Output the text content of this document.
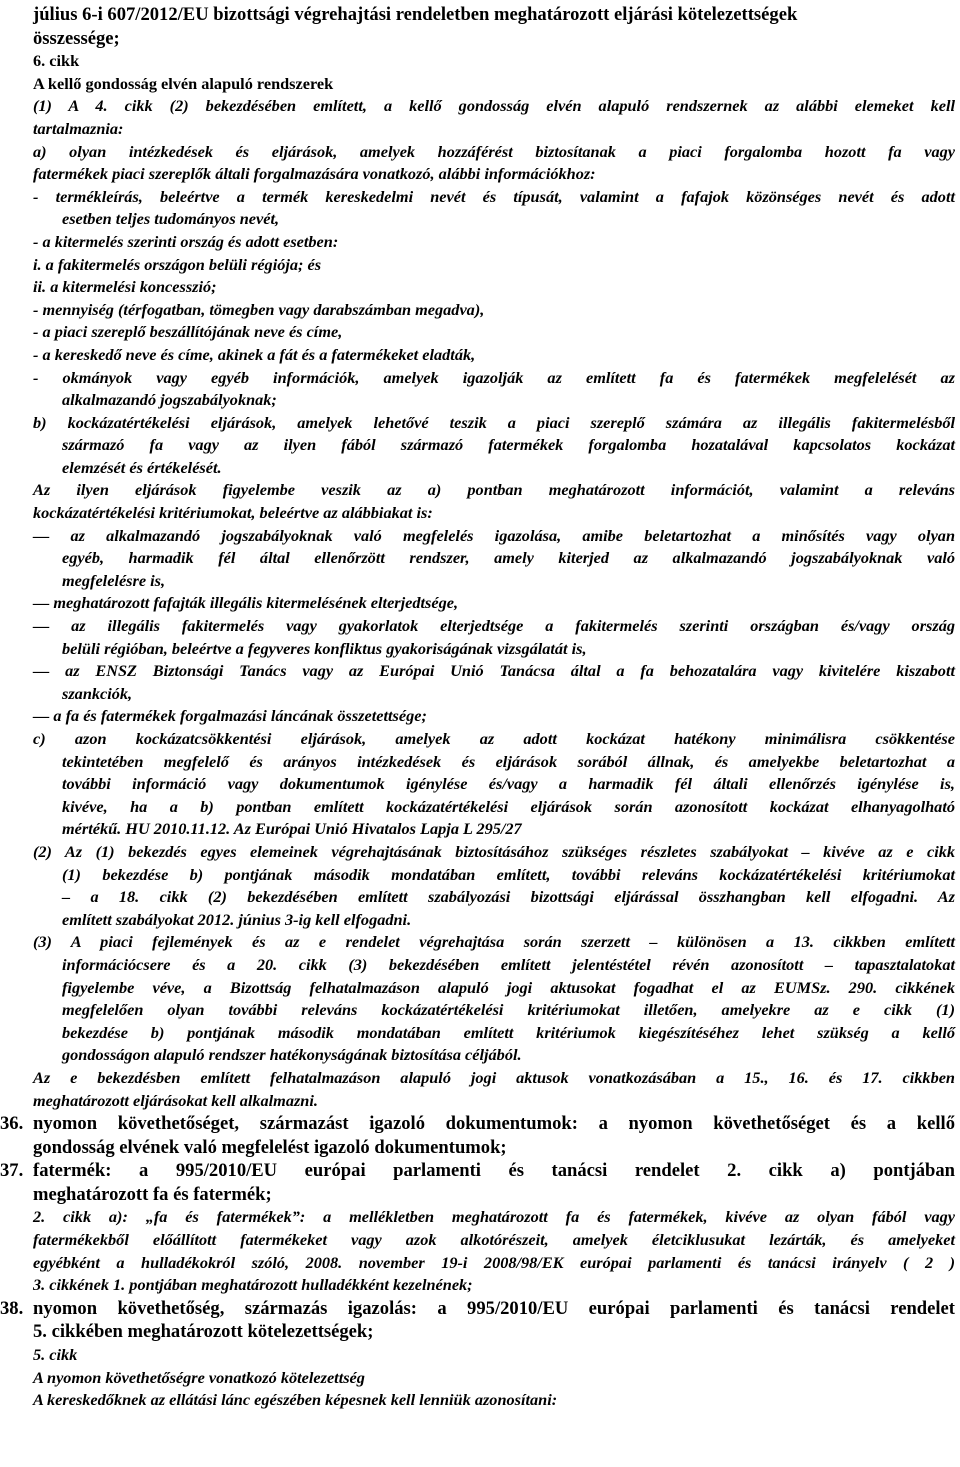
július 6-i 607/2012/EU bizottsági végrehajtási rendeletben meghatározott eljárási kötelezettségek
összessége;
6. cikk
A kellő gondosság elvén alapuló rendszerek
(1) A 4. cikk (2) bekezdésében említett, a kellő gondosság elvén alapuló rendszernek az alábbi elemeket kell
tartalmaznia:
a) olyan intézkedések és eljárások, amelyek hozzáférést biztosítanak a piaci forgalomba hozott fa vagy
fatermékek piaci szereplők általi forgalmazására vonatkozó, alábbi információkhoz:
- termékleírás, beleértve a termék kereskedelmi nevét és típusát, valamint a fafajok közönséges nevét és adott
esetben teljes tudományos nevét,
- a kitermelés szerinti ország és adott esetben:
i. a fakitermelés országon belüli régiója; és
ii. a kitermelési koncesszió;
- mennyiség (térfogatban, tömegben vagy darabszámban megadva),
- a piaci szereplő beszállítójának neve és címe,
- a kereskedő neve és címe, akinek a fát és a fatermékeket eladták,
- okmányok vagy egyéb információk, amelyek igazolják az említett fa és fatermékek megfelelését az
alkalmazandó jogszabályoknak;
b) kockázatértékelési eljárások, amelyek lehetővé teszik a piaci szereplő számára az illegális fakitermelésből
származó fa vagy az ilyen fából származó fatermékek forgalomba hozatalával kapcsolatos kockázat
elemzését és értékelését.
Az ilyen eljárások figyelembe veszik az a) pontban meghatározott információt, valamint a releváns
kockázatértékelési kritériumokat, beleértve az alábbiakat is:
— az alkalmazandó jogszabályoknak való megfelelés igazolása, amibe beletartozhat a minősítés vagy olyan
egyéb, harmadik fél által ellenőrzött rendszer, amely kiterjed az alkalmazandó jogszabályoknak való
megfelelésre is,
— meghatározott fafajták illegális kitermelésének elterjedtsége,
— az illegális fakitermelés vagy gyakorlatok elterjedtsége a fakitermelés szerinti országban és/vagy ország
belüli régióban, beleértve a fegyveres konfliktus gyakoriságának vizsgálatát is,
— az ENSZ Biztonsági Tanács vagy az Európai Unió Tanácsa által a fa behozatalára vagy kivitelére kiszabott
szankciók,
— a fa és fatermékek forgalmazási láncának összetettsége;
c) azon kockázatcsökkentési eljárások, amelyek az adott kockázat hatékony minimálisra csökkentése
tekintetében megfelelő és arányos intézkedések és eljárások sorából állnak, és amelyekbe beletartozhat a
további információ vagy dokumentumok igénylése és/vagy a harmadik fél általi ellenőrzés igénylése is,
kivéve, ha a b) pontban említett kockázatértékelési eljárások során azonosított kockázat elhanyagolható
mértékű. HU 2010.11.12. Az Európai Unió Hivatalos Lapja L 295/27
(2) Az (1) bekezdés egyes elemeinek végrehajtásának biztosításához szükséges részletes szabályokat – kivéve az e cikk
(1) bekezdése b) pontjának második mondatában említett, további releváns kockázatértékelési kritériumokat
– a 18. cikk (2) bekezdésében említett szabályozási bizottsági eljárással összhangban kell elfogadni. Az
említett szabályokat 2012. június 3-ig kell elfogadni.
(3) A piaci fejlemények és az e rendelet végrehajtása során szerzett – különösen a 13. cikkben említett
információcsere és a 20. cikk (3) bekezdésében említett jelentéstétel révén azonosított – tapasztalatokat
figyelembe véve, a Bizottság felhatalmazáson alapuló jogi aktusokat fogadhat el az EUMSz. 290. cikkének
megfelelően olyan további releváns kockázatértékelési kritériumokat illetően, amelyekre az e cikk (1)
bekezdése b) pontjának második mondatában említett kritériumok kiegészítéséhez lehet szükség a kellő
gondosságon alapuló rendszer hatékonyságának biztosítása céljából.
Az e bekezdésben említett felhatalmazáson alapuló jogi aktusok vonatkozásában a 15., 16. és 17. cikkben
meghatározott eljárásokat kell alkalmazni.
36. nyomon követhetőséget, származást igazoló dokumentumok: a nyomon követhetőséget és a kellő
gondosság elvének való megfelelést igazoló dokumentumok;
37. fatermék: a 995/2010/EU európai parlamenti és tanácsi rendelet 2. cikk a) pontjában
meghatározott fa és fatermék;
2. cikk a): „fa és fatermékek”: a mellékletben meghatározott fa és fatermékek, kivéve az olyan fából vagy
fatermékekből előállított fatermékeket vagy azok alkotórészeit, amelyek életciklusukat lezárták, és amelyeket
egyébként a hulladékokról szóló, 2008. november 19-i 2008/98/EK európai parlamenti és tanácsi irányelv ( 2 )
3. cikkének 1. pontjában meghatározott hulladékként kezelnének;
38. nyomon követhetőség, származás igazolás: a 995/2010/EU európai parlamenti és tanácsi rendelet
5. cikkében meghatározott kötelezettségek;
5. cikk
A nyomon követhetőségre vonatkozó kötelezettség
A kereskedőknek az ellátási lánc egészében képesnek kell lenniük azonosítani:
